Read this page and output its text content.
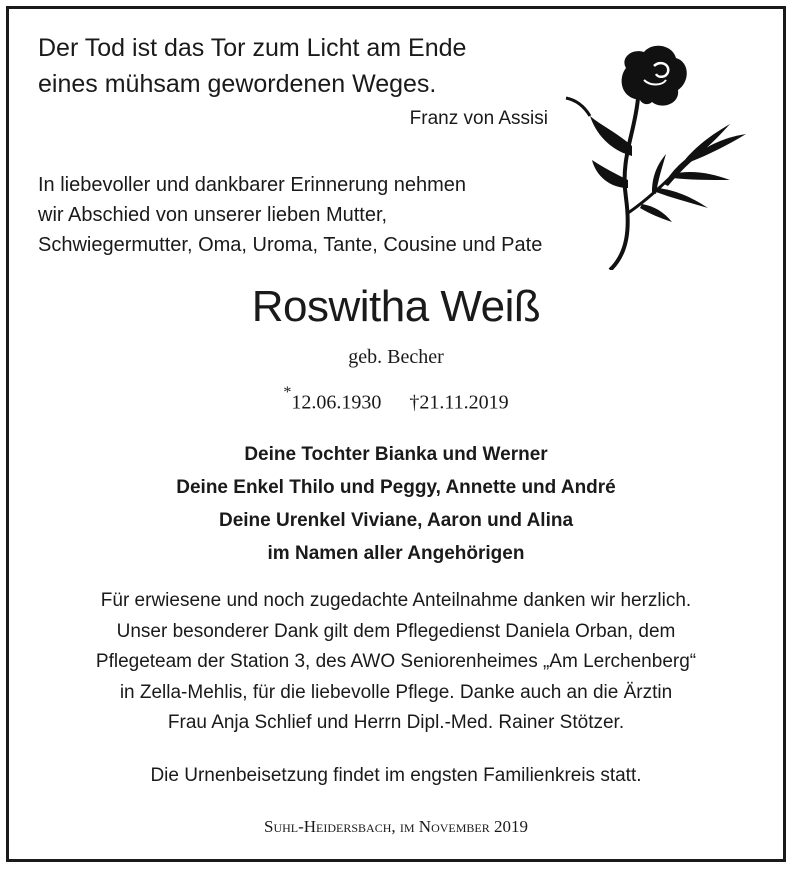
Der Tod ist das Tor zum Licht am Ende
eines mühsam gewordenen Weges.
Franz von Assisi
In liebevoller und dankbarer Erinnerung nehmen
wir Abschied von unserer lieben Mutter,
Schwiegermutter, Oma, Uroma, Tante, Cousine und Pate
Roswitha Weiß
geb. Becher
*12.06.1930 †21.11.2019
Deine Tochter Bianka und Werner
Deine Enkel Thilo und Peggy, Annette und André
Deine Urenkel Viviane, Aaron und Alina
im Namen aller Angehörigen
Für erwiesene und noch zugedachte Anteilnahme danken wir herzlich.
Unser besonderer Dank gilt dem Pflegedienst Daniela Orban, dem
Pflegeteam der Station 3, des AWO Seniorenheimes „Am Lerchenberg“
in Zella-Mehlis, für die liebevolle Pflege. Danke auch an die Ärztin
Frau Anja Schlief und Herrn Dipl.-Med. Rainer Stötzer.
Die Urnenbeisetzung findet im engsten Familienkreis statt.
Suhl-Heidersbach, im November 2019
